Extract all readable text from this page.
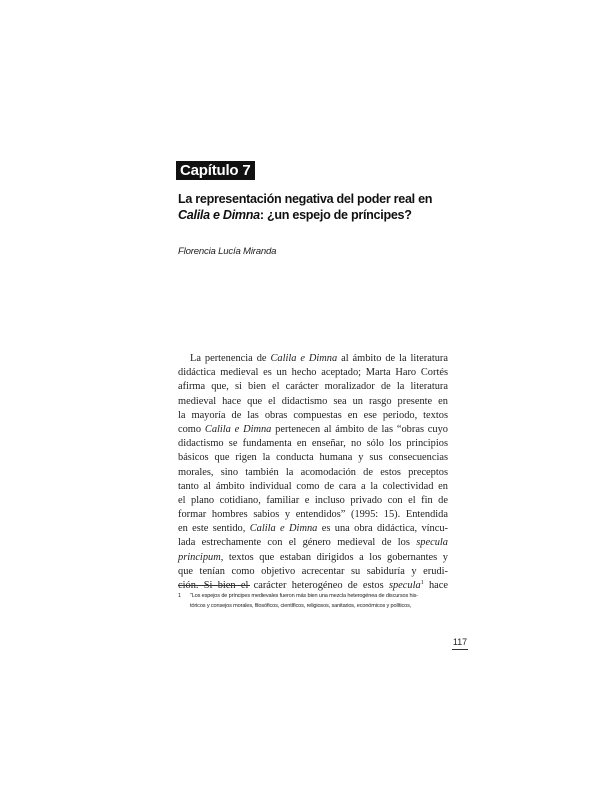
Capítulo 7
La representación negativa del poder real en
Calila e Dimna: ¿un espejo de príncipes?
Florencia Lucía Miranda
La pertenencia de Calila e Dimna al ámbito de la literatura
didáctica medieval es un hecho aceptado; Marta Haro Cortés
afirma que, si bien el carácter moralizador de la literatura
medieval hace que el didactismo sea un rasgo presente en
la mayoría de las obras compuestas en ese periodo, textos
como Calila e Dimna pertenecen al ámbito de las “obras cuyo
didactismo se fundamenta en enseñar, no sólo los principios
básicos que rigen la conducta humana y sus consecuencias
morales, sino también la acomodación de estos preceptos
tanto al ámbito individual como de cara a la colectividad en
el plano cotidiano, familiar e incluso privado con el fin de
formar hombres sabios y entendidos” (1995: 15). Entendida
en este sentido, Calila e Dimna es una obra didáctica, víncu-
lada estrechamente con el género medieval de los specula
principum, textos que estaban dirigidos a los gobernantes y
que tenían como objetivo acrecentar su sabiduría y erudi-
ción. Si bien el carácter heterogéneo de estos specula$^1$ hace
1 “Los espejos de príncipes medievales fueron más bien una mezcla heterogénea de discursos his-
tóricos y consejos morales, filosóficos, científicos, religiosos, sanitarios, económicos y políticos,
117
